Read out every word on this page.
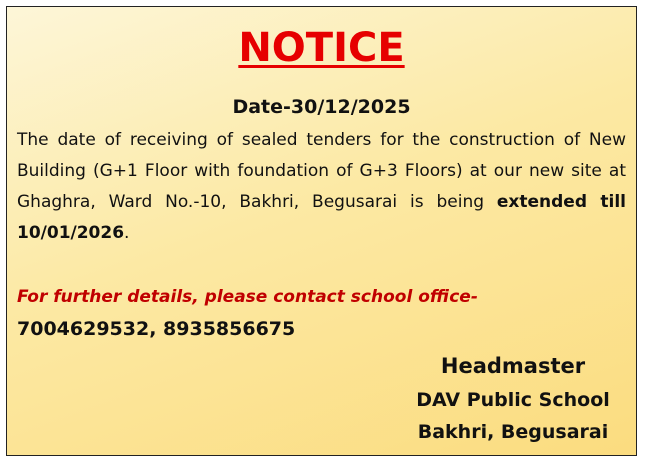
NOTICE
Date-30/12/2025

The date of receiving of sealed tenders for the construction of New Building (G+1 Floor with foundation of G+3 Floors) at our new site at Ghaghra, Ward No.-10, Bakhri, Begusarai is being extended till 10/01/2026.

For further details, please contact school office-
7004629532, 8935856675
Headmaster
DAV Public School
Bakhri, Begusarai
